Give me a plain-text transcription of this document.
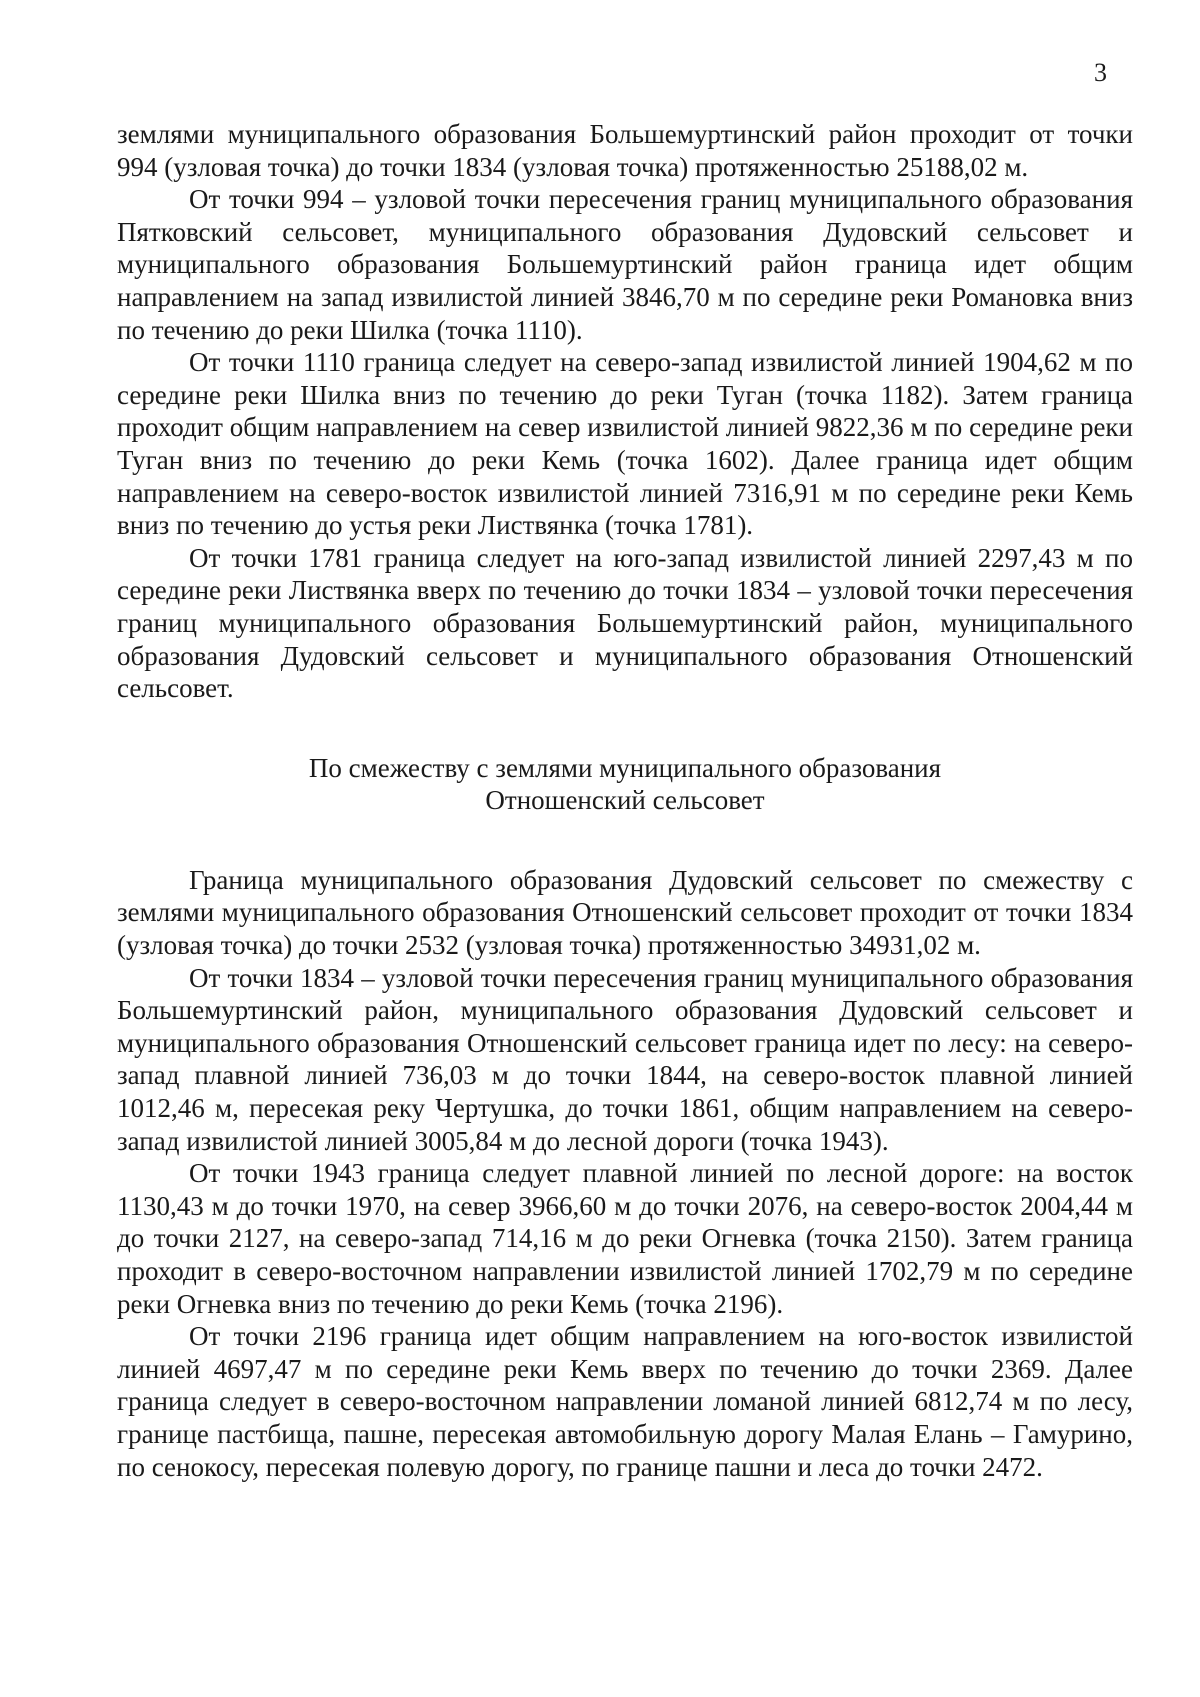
3

землями муниципального образования Большемуртинский район проходит от точки 994 (узловая точка) до точки 1834 (узловая точка) протяженностью 25188,02 м.

От точки 994 – узловой точки пересечения границ муниципального образования Пятковский сельсовет, муниципального образования Дудовский сельсовет и муниципального образования Большемуртинский район граница идет общим направлением на запад извилистой линией 3846,70 м по середине реки Романовка вниз по течению до реки Шилка (точка 1110).

От точки 1110 граница следует на северо-запад извилистой линией 1904,62 м по середине реки Шилка вниз по течению до реки Туган (точка 1182). Затем граница проходит общим направлением на север извилистой линией 9822,36 м по середине реки Туган вниз по течению до реки Кемь (точка 1602). Далее граница идет общим направлением на северо-восток извилистой линией 7316,91 м по середине реки Кемь вниз по течению до устья реки Листвянка (точка 1781).

От точки 1781 граница следует на юго-запад извилистой линией 2297,43 м по середине реки Листвянка вверх по течению до точки 1834 – узловой точки пересечения границ муниципального образования Большемуртинский район, муниципального образования Дудовский сельсовет и муниципального образования Отношенский сельсовет.

По смежеству с землями муниципального образования
Отношенский сельсовет

Граница муниципального образования Дудовский сельсовет по смежеству с землями муниципального образования Отношенский сельсовет проходит от точки 1834 (узловая точка) до точки 2532 (узловая точка) протяженностью 34931,02 м.

От точки 1834 – узловой точки пересечения границ муниципального образования Большемуртинский район, муниципального образования Дудовский сельсовет и муниципального образования Отношенский сельсовет граница идет по лесу: на северо-запад плавной линией 736,03 м до точки 1844, на северо-восток плавной линией 1012,46 м, пересекая реку Чертушка, до точки 1861, общим направлением на северо-запад извилистой линией 3005,84 м до лесной дороги (точка 1943).

От точки 1943 граница следует плавной линией по лесной дороге: на восток 1130,43 м до точки 1970, на север 3966,60 м до точки 2076, на северо-восток 2004,44 м до точки 2127, на северо-запад 714,16 м до реки Огневка (точка 2150). Затем граница проходит в северо-восточном направлении извилистой линией 1702,79 м по середине реки Огневка вниз по течению до реки Кемь (точка 2196).

От точки 2196 граница идет общим направлением на юго-восток извилистой линией 4697,47 м по середине реки Кемь вверх по течению до точки 2369. Далее граница следует в северо-восточном направлении ломаной линией 6812,74 м по лесу, границе пастбища, пашне, пересекая автомобильную дорогу Малая Елань – Гамурино, по сенокосу, пересекая полевую дорогу, по границе пашни и леса до точки 2472.
